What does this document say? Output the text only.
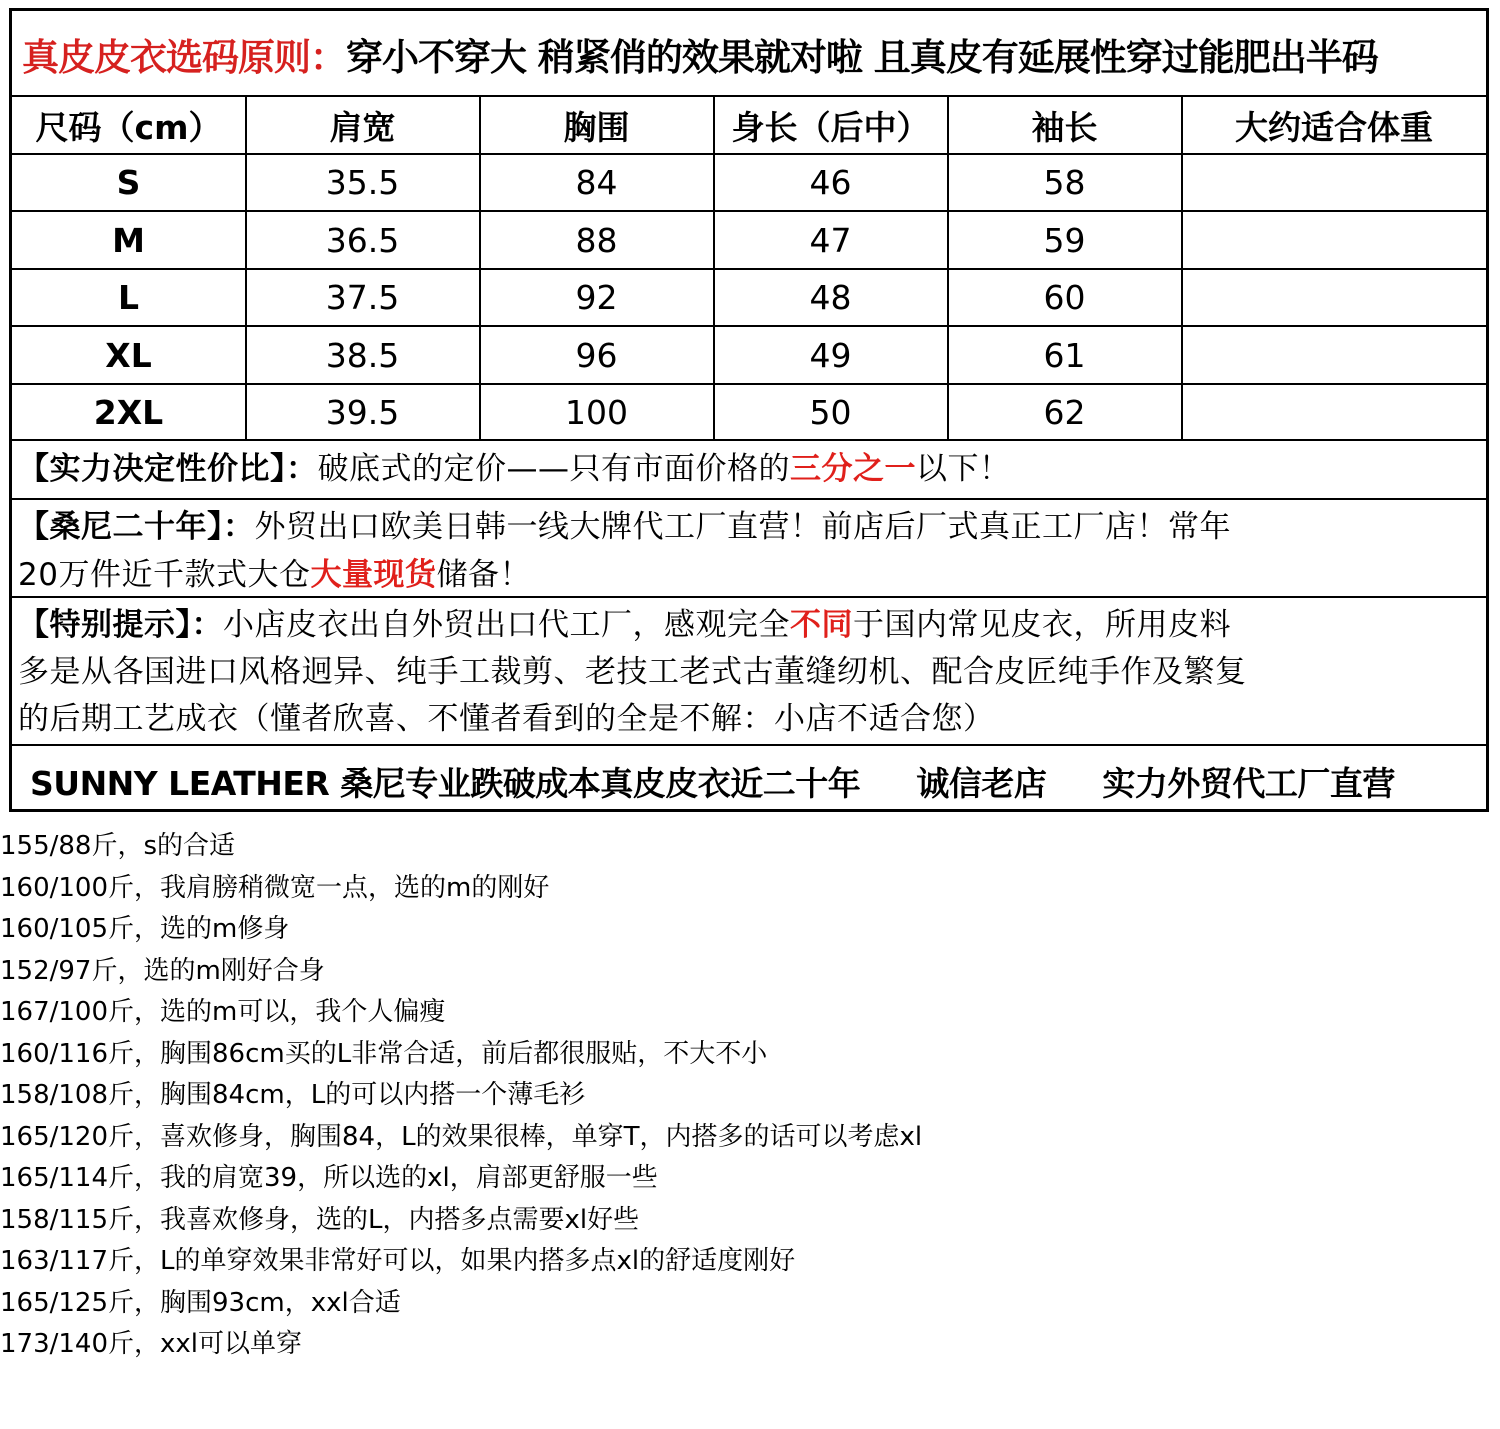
真皮皮衣选码原则： 穿小不穿大 稍紧俏的效果就对啦 且真皮有延展性穿过能肥出半码
尺码（cm）	肩宽	胸围	身长（后中）	袖长	大约适合体重
S	35.5	84	46	58
M	36.5	88	47	59
L	37.5	92	48	60
XL	38.5	96	49	61
2XL	39.5	100	50	62
【实力决定性价比】：破底式的定价——只有市面价格的三分之一以下！
【桑尼二十年】：外贸出口欧美日韩一线大牌代工厂直营！前店后厂式真正工厂店！常年
20万件近千款式大仓大量现货储备！
【特别提示】：小店皮衣出自外贸出口代工厂，感观完全不同于国内常见皮衣，所用皮料
多是从各国进口风格迥异、纯手工裁剪、老技工老式古董缝纫机、配合皮匠纯手作及繁复
的后期工艺成衣（懂者欣喜、不懂者看到的全是不解：小店不适合您）
SUNNY LEATHER 桑尼专业跌破成本真皮皮衣近二十年 诚信老店 实力外贸代工厂直营
155/88斤，s的合适
160/100斤，我肩膀稍微宽一点，选的m的刚好
160/105斤，选的m修身
152/97斤，选的m刚好合身
167/100斤，选的m可以，我个人偏瘦
160/116斤，胸围86cm买的L非常合适，前后都很服贴，不大不小
158/108斤，胸围84cm，L的可以内搭一个薄毛衫
165/120斤，喜欢修身，胸围84，L的效果很棒，单穿T，内搭多的话可以考虑xl
165/114斤，我的肩宽39，所以选的xl，肩部更舒服一些
158/115斤，我喜欢修身，选的L，内搭多点需要xl好些
163/117斤，L的单穿效果非常好可以，如果内搭多点xl的舒适度刚好
165/125斤，胸围93cm，xxl合适
173/140斤，xxl可以单穿
